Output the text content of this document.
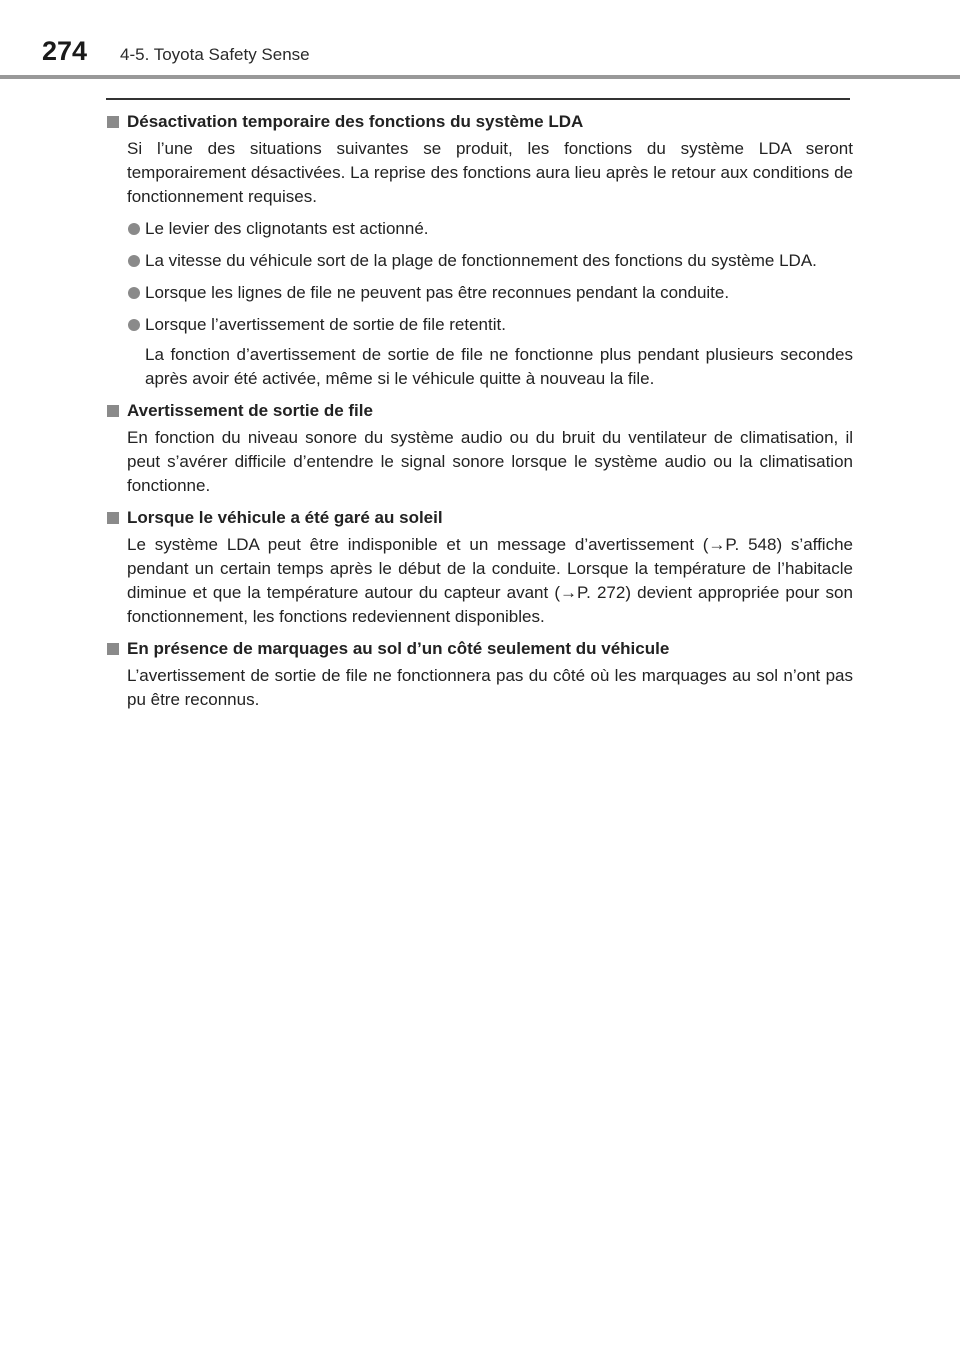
274 4-5. Toyota Safety Sense
Désactivation temporaire des fonctions du système LDA
Si l’une des situations suivantes se produit, les fonctions du système LDA seront temporairement désactivées. La reprise des fonctions aura lieu après le retour aux conditions de fonctionnement requises.
Le levier des clignotants est actionné.
La vitesse du véhicule sort de la plage de fonctionnement des fonctions du système LDA.
Lorsque les lignes de file ne peuvent pas être reconnues pendant la conduite.
Lorsque l’avertissement de sortie de file retentit.
La fonction d’avertissement de sortie de file ne fonctionne plus pendant plusieurs secondes après avoir été activée, même si le véhicule quitte à nouveau la file.
Avertissement de sortie de file
En fonction du niveau sonore du système audio ou du bruit du ventilateur de climatisation, il peut s’avérer difficile d’entendre le signal sonore lorsque le système audio ou la climatisation fonctionne.
Lorsque le véhicule a été garé au soleil
Le système LDA peut être indisponible et un message d’avertissement (→P. 548) s’affiche pendant un certain temps après le début de la conduite. Lorsque la température de l’habitacle diminue et que la température autour du capteur avant (→P. 272) devient appropriée pour son fonctionnement, les fonctions redeviennent disponibles.
En présence de marquages au sol d’un côté seulement du véhicule
L’avertissement de sortie de file ne fonctionnera pas du côté où les marquages au sol n’ont pas pu être reconnus.
